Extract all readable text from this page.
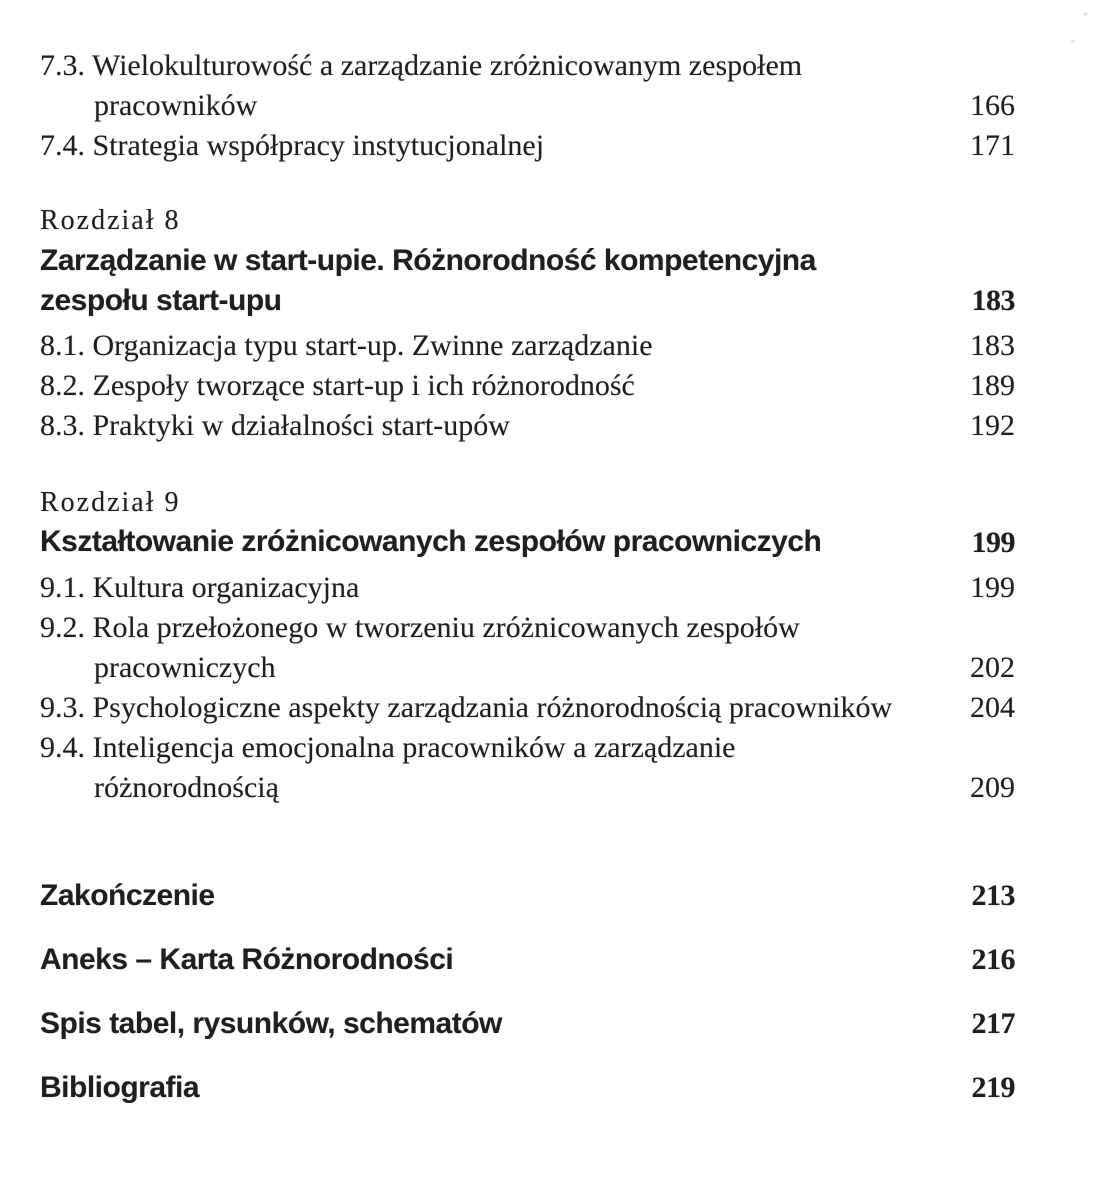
7.3. Wielokulturowość a zarządzanie zróżnicowanym zespołem
pracowników	166
7.4. Strategia współpracy instytucjonalnej	171
Rozdział 8
Zarządzanie w start-upie. Różnorodność kompetencyjna
zespołu start-upu	183
8.1. Organizacja typu start-up. Zwinne zarządzanie	183
8.2. Zespoły tworzące start-up i ich różnorodność	189
8.3. Praktyki w działalności start-upów	192
Rozdział 9
Kształtowanie zróżnicowanych zespołów pracowniczych	199
9.1. Kultura organizacyjna	199
9.2. Rola przełożonego w tworzeniu zróżnicowanych zespołów
pracowniczych	202
9.3. Psychologiczne aspekty zarządzania różnorodnością pracowników	204
9.4. Inteligencja emocjonalna pracowników a zarządzanie
różnorodnością	209
Zakończenie	213
Aneks – Karta Różnorodności	216
Spis tabel, rysunków, schematów	217
Bibliografia	219
